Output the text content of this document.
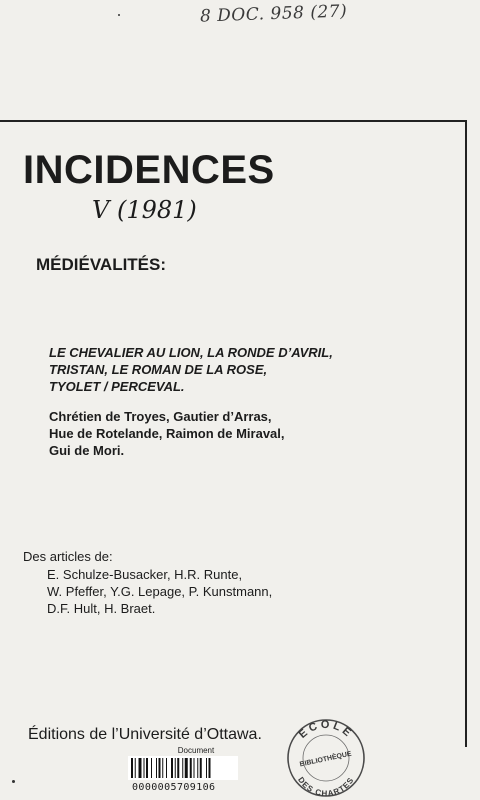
8 DOC. 958 (27)
INCIDENCES
V (1981)
MÉDIÉVALITÉS:
LE CHEVALIER AU LION, LA RONDE D’AVRIL,
TRISTAN, LE ROMAN DE LA ROSE,
TYOLET / PERCEVAL.
Chrétien de Troyes, Gautier d’Arras,
Hue de Rotelande, Raimon de Miraval,
Gui de Mori.
Des articles de:
E. Schulze-Busacker, H.R. Runte,
W. Pfeffer, Y.G. Lepage, P. Kunstmann,
D.F. Hult, H. Braet.
Éditions de l’Université d’Ottawa.
Document
0000005709106
ECOLE
BIBLIOTHÈQUE
DES CHARTES
